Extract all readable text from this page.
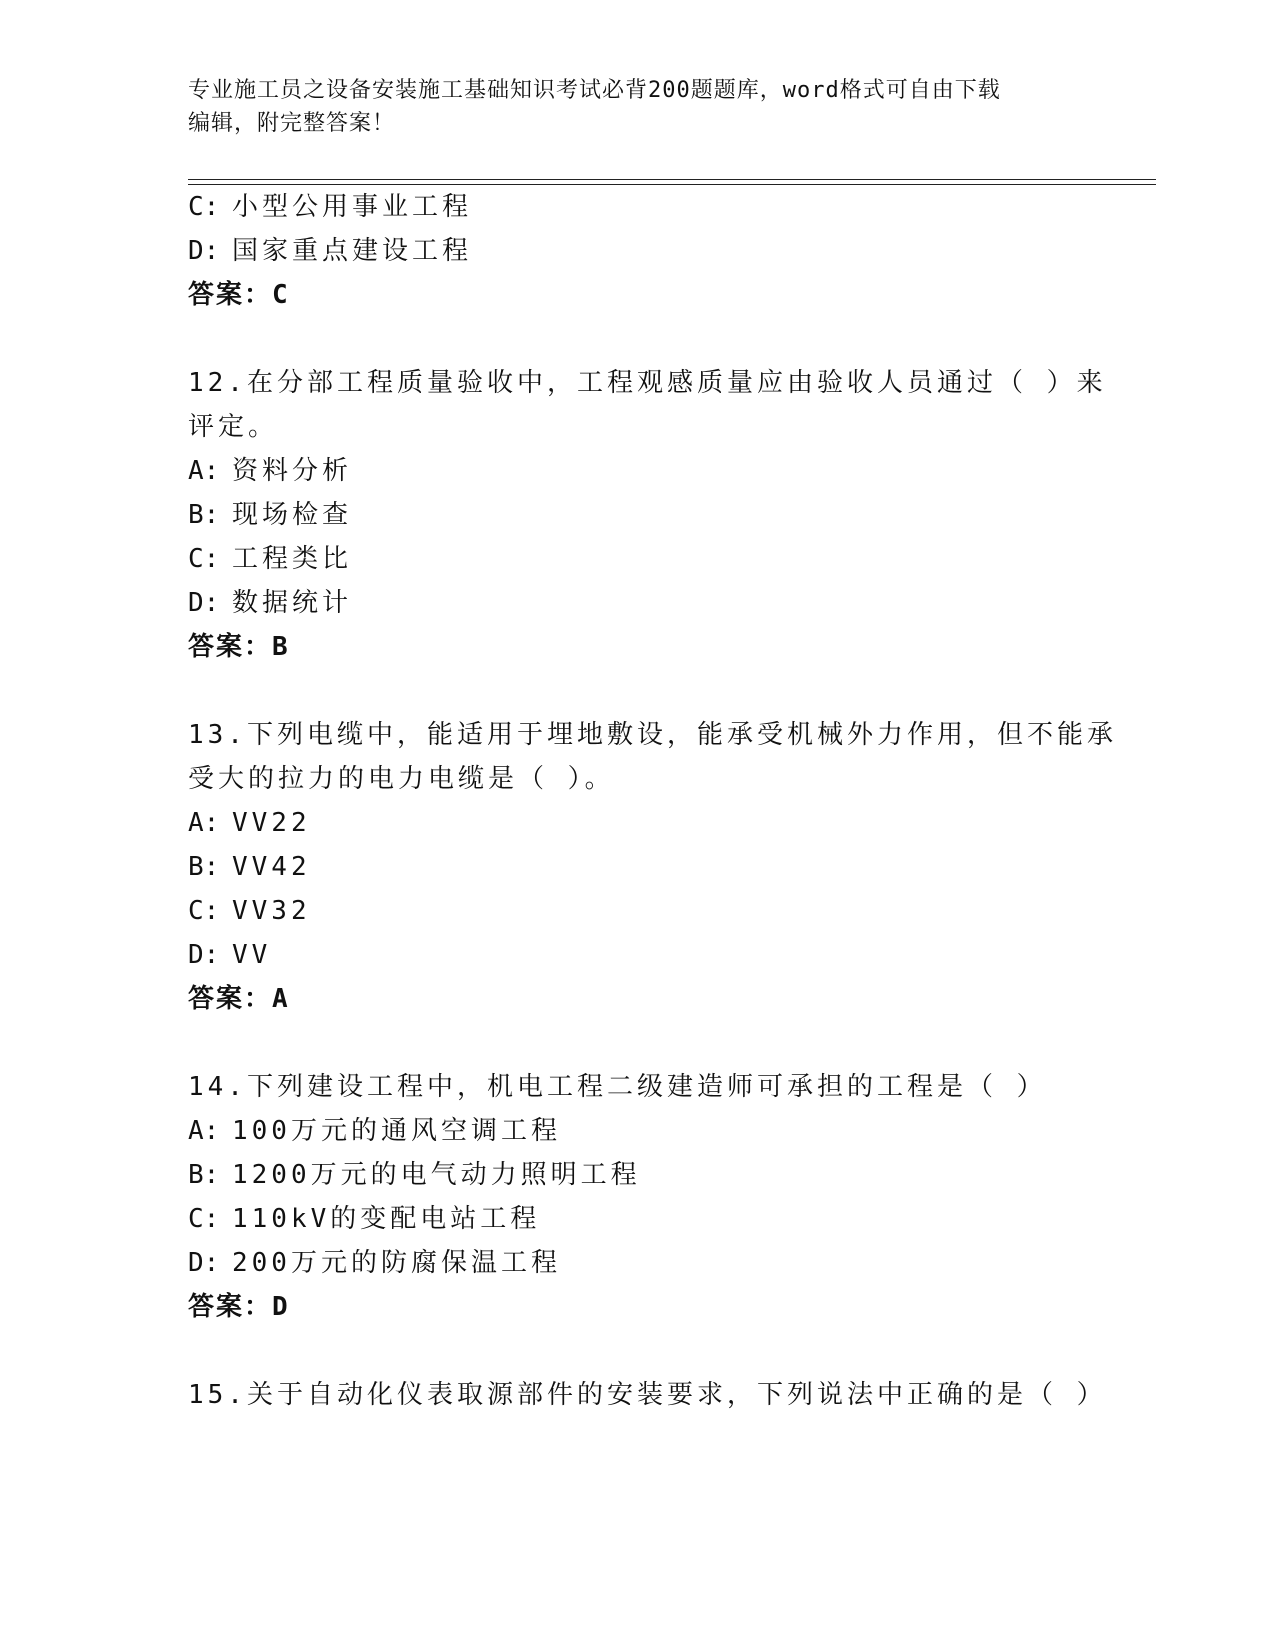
专业施工员之设备安装施工基础知识考试必背200题题库，word格式可自由下载
编辑，附完整答案！
C: 小型公用事业工程
D: 国家重点建设工程
答案：C
12.在分部工程质量验收中，工程观感质量应由验收人员通过（ ）来
评定。
A: 资料分析
B: 现场检查
C: 工程类比
D: 数据统计
答案：B
13.下列电缆中，能适用于埋地敷设，能承受机械外力作用，但不能承
受大的拉力的电力电缆是（ ）。
A: VV22
B: VV42
C: VV32
D: VV
答案：A
14.下列建设工程中，机电工程二级建造师可承担的工程是（ ）
A: 100万元的通风空调工程
B: 1200万元的电气动力照明工程
C: 110kV的变配电站工程
D: 200万元的防腐保温工程
答案：D
15.关于自动化仪表取源部件的安装要求，下列说法中正确的是（ ）
